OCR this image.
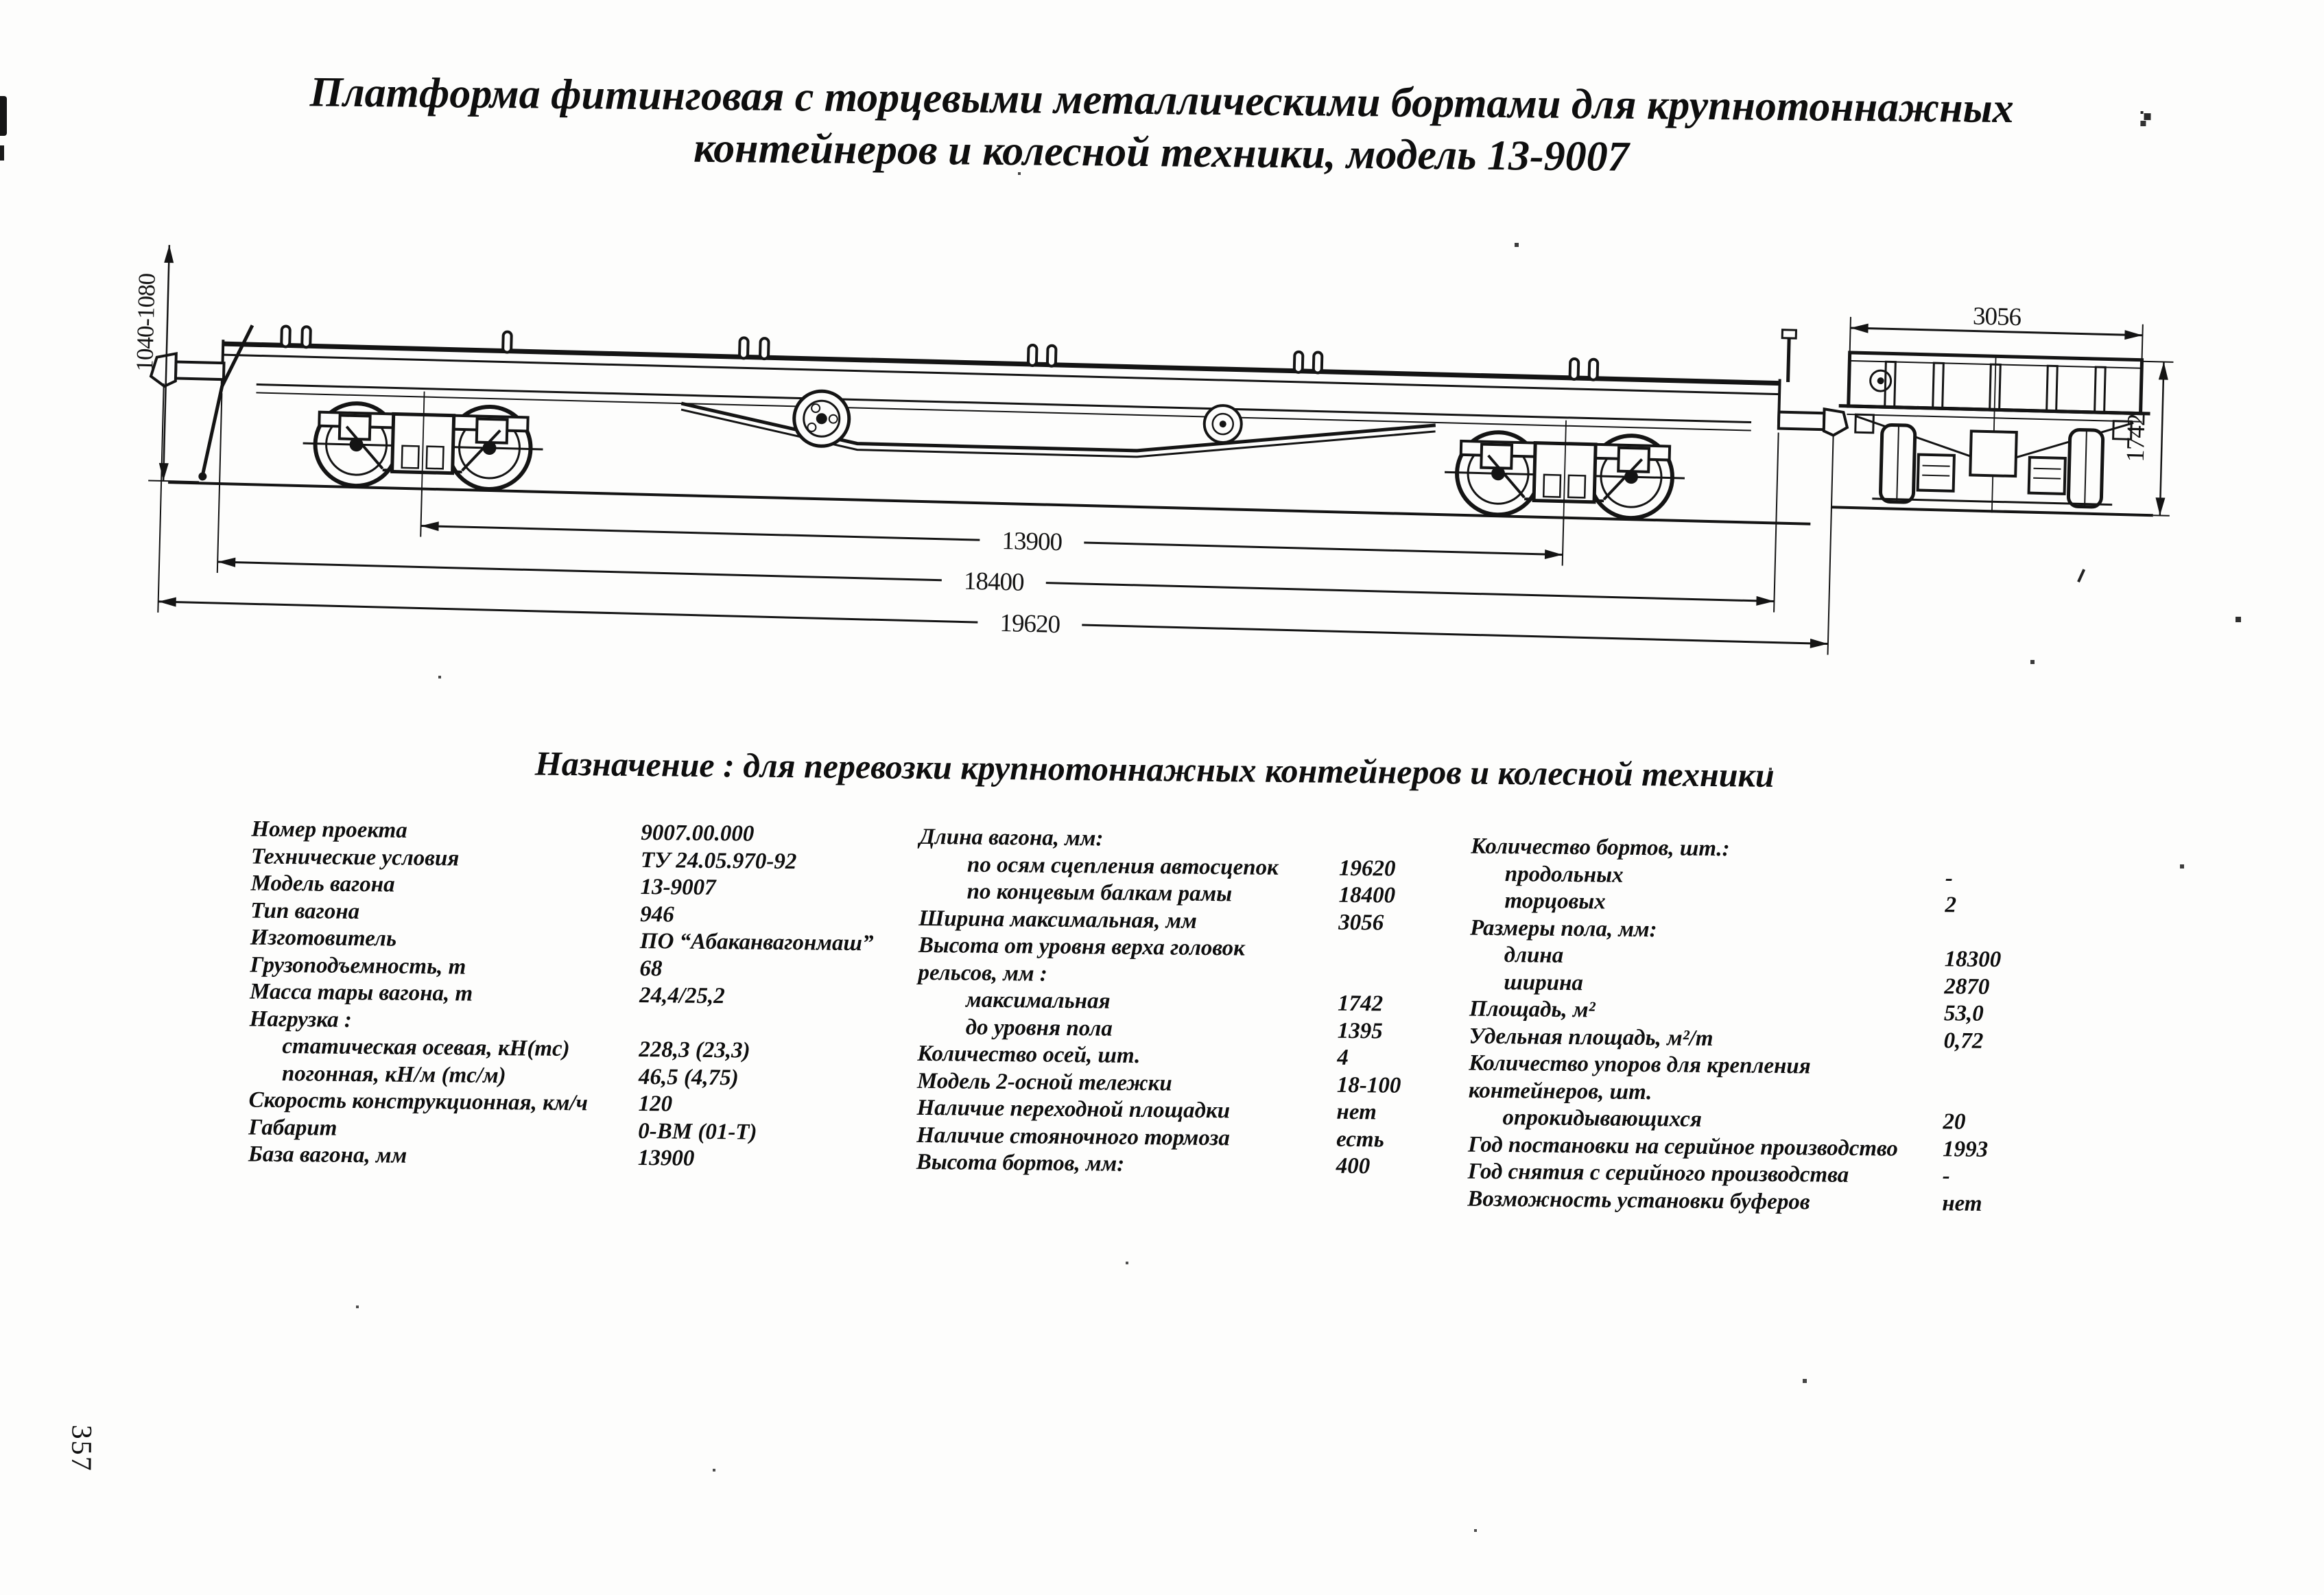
Платформа фитинговая с торцевыми металлическими бортами для крупнотоннажных
контейнеров и колесной техники, модель 13-9007
13900
18400
19620
1040-1080	3056
1742
Назначение : для перевозки крупнотоннажных контейнеров и колесной техники
Номер проекта	9007.00.000
Технические условия	ТУ 24.05.970-92
Модель вагона	13-9007
Тип вагона	946
Изготовитель	ПО “Абаканвагонмаш”
Грузоподъемность, т	68
Масса тары вагона, т	24,4/25,2
Нагрузка :
статическая осевая, кН(тс)	228,3 (23,3)
погонная, кН/м (тс/м)	46,5 (4,75)
Скорость конструкционная, км/ч 120
Габарит	0-ВМ (01-Т)
База вагона, мм	13900
Длина вагона, мм:
по осям сцепления автосцепок	19620
по концевым балкам рамы	18400
Ширина максимальная, мм	3056
Высота от уровня верха головок
рельсов, мм :
максимальная	1742
до уровня пола	1395
Количество осей, шт.	4
Модель 2-осной тележки	18-100
Наличие переходной площадки	нет
Наличие стояночного тормоза	есть
Высота бортов, мм:	400
Количество бортов, шт.:
продольных	-
торцовых	2
Размеры пола, мм:
длина	18300
ширина	2870
Площадь, м²	53,0
Удельная площадь, м²/т	0,72
Количество упоров для крепления
контейнеров, шт.
опрокидывающихся	20
Год постановки на серийное производство 1993
Год снятия с серийного производства	-
Возможность установки буферов	нет
357
